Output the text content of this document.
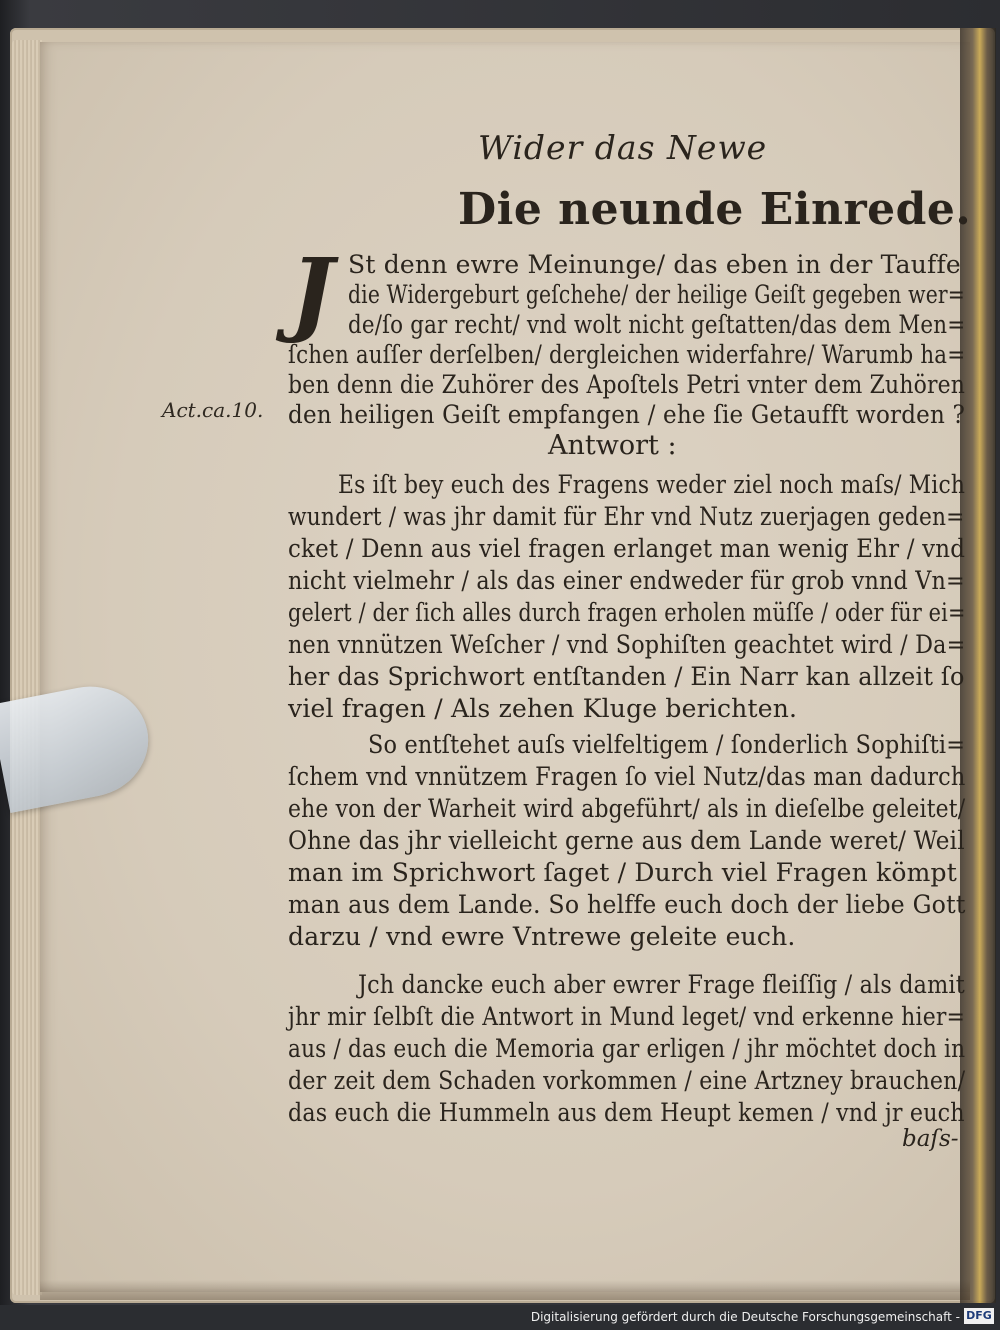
Wider das Newe
Die neunde Einrede.
J
Act.ca.10.
St denn ewre Meinunge/ das eben in der Tauffe
die Widergeburt geſchehe/ der heilige Geiſt gegeben wer=
de/ſo gar recht/ vnd wolt nicht geſtatten/das dem Men=
ſchen auſſer derſelben/ dergleichen widerfahre/ Warumb ha=
ben denn die Zuhörer des Apoſtels Petri vnter dem Zuhören
den heiligen Geiſt empfangen / ehe ſie Getaufft worden ?
Antwort :
Es iſt bey euch des Fragens weder ziel noch maſs/ Mich
wundert / was jhr damit für Ehr vnd Nutz zuerjagen geden=
cket / Denn aus viel fragen erlanget man wenig Ehr / vnd
nicht vielmehr / als das einer endweder für grob vnnd Vn=
gelert / der ſich alles durch fragen erholen müſſe / oder für ei=
nen vnnützen Weſcher / vnd Sophiſten geachtet wird / Da=
her das Sprichwort entſtanden / Ein Narr kan allzeit ſo
viel fragen / Als zehen Kluge berichten.
So entſtehet auſs vielfeltigem / ſonderlich Sophiſti=
ſchem vnd vnnützem Fragen ſo viel Nutz/das man dadurch
ehe von der Warheit wird abgeführt/ als in dieſelbe geleitet/
Ohne das jhr vielleicht gerne aus dem Lande weret/ Weil
man im Sprichwort ſaget / Durch viel Fragen kömpt
man aus dem Lande. So helffe euch doch der liebe Gott
darzu / vnd ewre Vntrewe geleite euch.
Jch dancke euch aber ewrer Frage fleiſſig / als damit
jhr mir ſelbſt die Antwort in Mund leget/ vnd erkenne hier=
aus / das euch die Memoria gar erligen / jhr möchtet doch in
der zeit dem Schaden vorkommen / eine Artzney brauchen/
das euch die Hummeln aus dem Heupt kemen / vnd jr euch
baſs-
Digitalisierung gefördert durch die Deutsche Forschungsgemeinschaft - DFG
